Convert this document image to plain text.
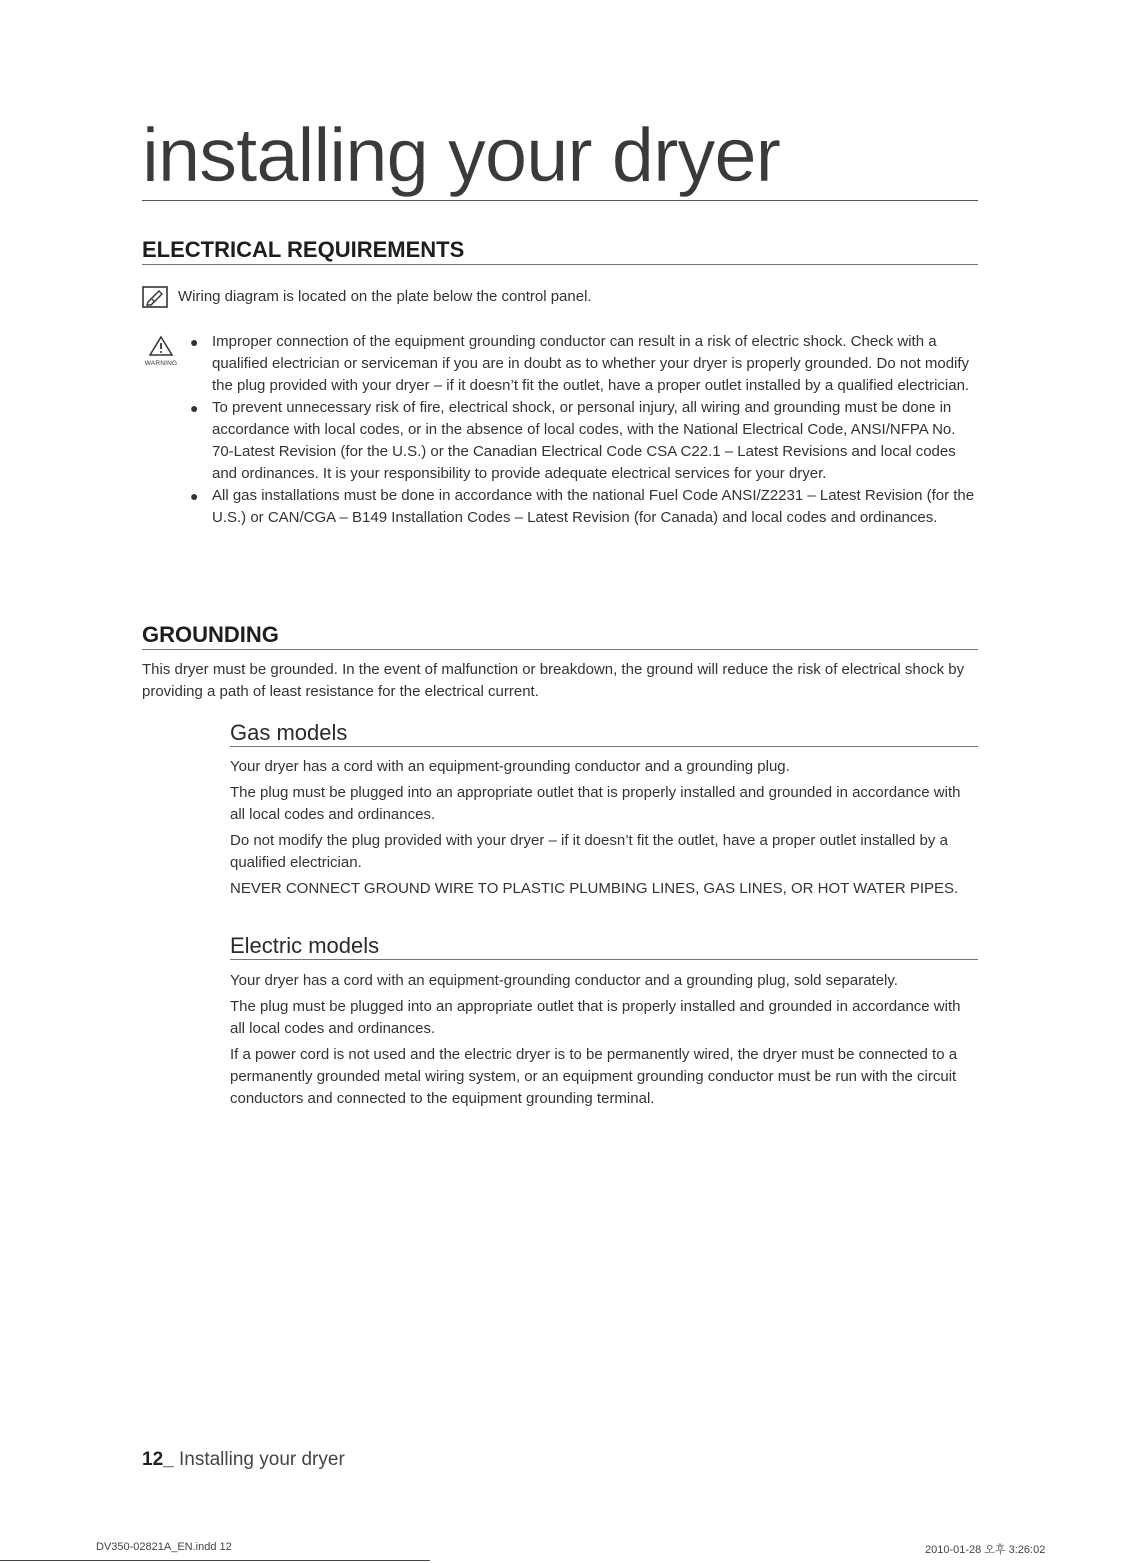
installing your dryer
ELECTRICAL REQUIREMENTS
Wiring diagram is located on the plate below the control panel.
WARNING
● Improper connection of the equipment grounding conductor can result in a risk of electric shock. Check with a qualified electrician or serviceman if you are in doubt as to whether your dryer is properly grounded. Do not modify the plug provided with your dryer – if it doesn’t fit the outlet, have a proper outlet installed by a qualified electrician.
● To prevent unnecessary risk of fire, electrical shock, or personal injury, all wiring and grounding must be done in accordance with local codes, or in the absence of local codes, with the National Electrical Code, ANSI/NFPA No. 70-Latest Revision (for the U.S.) or the Canadian Electrical Code CSA C22.1 – Latest Revisions and local codes and ordinances. It is your responsibility to provide adequate electrical services for your dryer.
● All gas installations must be done in accordance with the national Fuel Code ANSI/Z2231 – Latest Revision (for the U.S.) or CAN/CGA – B149 Installation Codes – Latest Revision (for Canada) and local codes and ordinances.
GROUNDING
This dryer must be grounded. In the event of malfunction or breakdown, the ground will reduce the risk of electrical shock by providing a path of least resistance for the electrical current.
Gas models

Your dryer has a cord with an equipment-grounding conductor and a grounding plug.

The plug must be plugged into an appropriate outlet that is properly installed and grounded in accordance with all local codes and ordinances.

Do not modify the plug provided with your dryer – if it doesn’t fit the outlet, have a proper outlet installed by a qualified electrician.

NEVER CONNECT GROUND WIRE TO PLASTIC PLUMBING LINES, GAS LINES, OR HOT WATER PIPES.

Electric models

Your dryer has a cord with an equipment-grounding conductor and a grounding plug, sold separately.

The plug must be plugged into an appropriate outlet that is properly installed and grounded in accordance with all local codes and ordinances.

If a power cord is not used and the electric dryer is to be permanently wired, the dryer must be connected to a permanently grounded metal wiring system, or an equipment grounding conductor must be run with the circuit conductors and connected to the equipment grounding terminal.

12_ Installing your dryer
DV350-02821A_EN.indd 12	2010-01-28 오후 3:26:02
